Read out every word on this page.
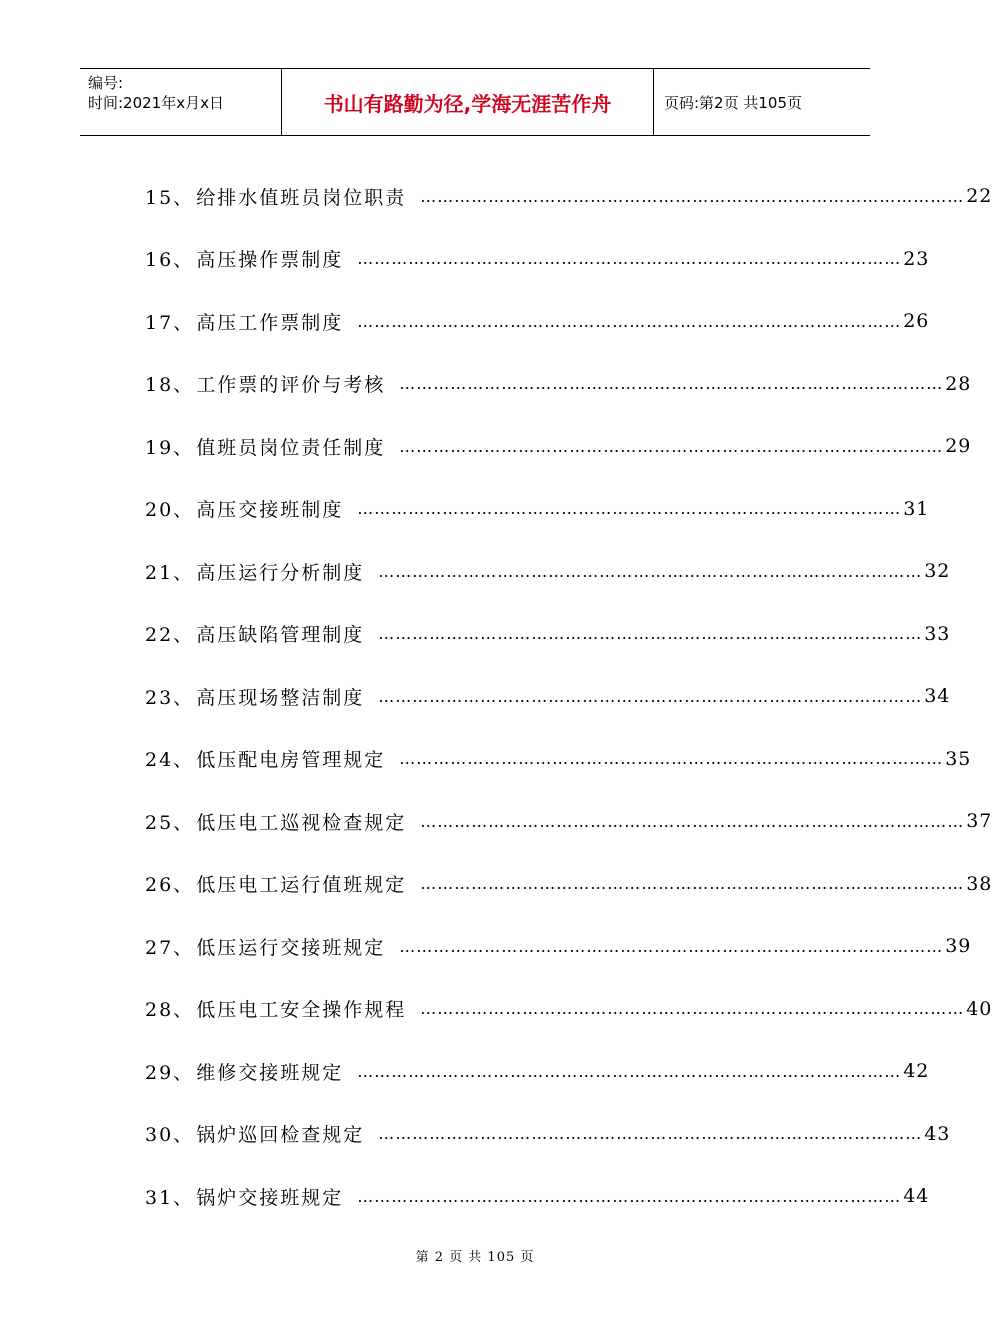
编号:
时间:2021年x月x日	书山有路勤为径,学海无涯苦作舟	页码:第2页 共105页
15、 给排水值班员岗位职责 …………………………………………………………………………………… 22
16、 高压操作票制度 …………………………………………………………………………………… 23
17、 高压工作票制度 …………………………………………………………………………………… 26
18、 工作票的评价与考核 …………………………………………………………………………………… 28
19、 值班员岗位责任制度 …………………………………………………………………………………… 29
20、 高压交接班制度 …………………………………………………………………………………… 31
21、 高压运行分析制度 …………………………………………………………………………………… 32
22、 高压缺陷管理制度 …………………………………………………………………………………… 33
23、 高压现场整洁制度 …………………………………………………………………………………… 34
24、 低压配电房管理规定 …………………………………………………………………………………… 35
25、 低压电工巡视检查规定 …………………………………………………………………………………… 37
26、 低压电工运行值班规定 …………………………………………………………………………………… 38
27、 低压运行交接班规定 …………………………………………………………………………………… 39
28、 低压电工安全操作规程 …………………………………………………………………………………… 40
29、 维修交接班规定 …………………………………………………………………………………… 42
30、 锅炉巡回检查规定 …………………………………………………………………………………… 43
31、 锅炉交接班规定 …………………………………………………………………………………… 44
第 2 页 共 105 页
